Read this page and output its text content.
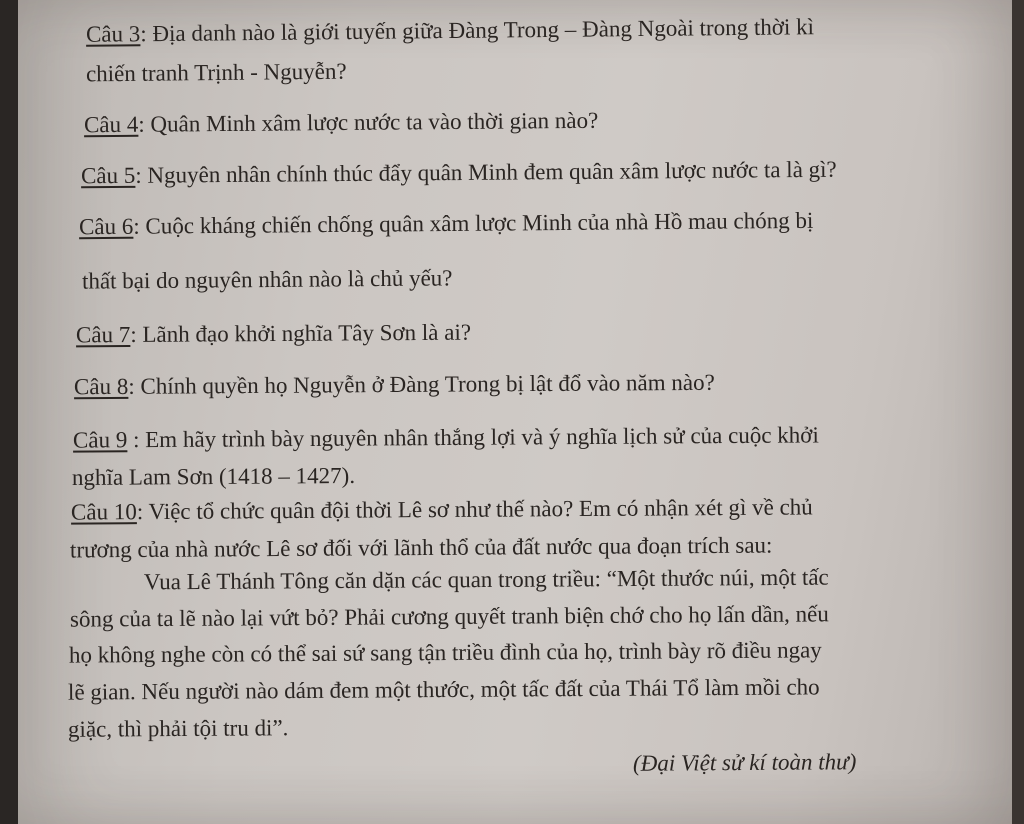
Câu 3: Địa danh nào là giới tuyến giữa Đàng Trong – Đàng Ngoài trong thời kì
chiến tranh Trịnh - Nguyễn?
Câu 4: Quân Minh xâm lược nước ta vào thời gian nào?
Câu 5: Nguyên nhân chính thúc đẩy quân Minh đem quân xâm lược nước ta là gì?
Câu 6: Cuộc kháng chiến chống quân xâm lược Minh của nhà Hồ mau chóng bị
thất bại do nguyên nhân nào là chủ yếu?
Câu 7: Lãnh đạo khởi nghĩa Tây Sơn là ai?
Câu 8: Chính quyền họ Nguyễn ở Đàng Trong bị lật đổ vào năm nào?
Câu 9 : Em hãy trình bày nguyên nhân thắng lợi và ý nghĩa lịch sử của cuộc khởi
nghĩa Lam Sơn (1418 – 1427).
Câu 10: Việc tổ chức quân đội thời Lê sơ như thế nào? Em có nhận xét gì về chủ
trương của nhà nước Lê sơ đối với lãnh thổ của đất nước qua đoạn trích sau:
Vua Lê Thánh Tông căn dặn các quan trong triều: “Một thước núi, một tấc
sông của ta lẽ nào lại vứt bỏ? Phải cương quyết tranh biện chớ cho họ lấn dần, nếu
họ không nghe còn có thể sai sứ sang tận triều đình của họ, trình bày rõ điều ngay
lẽ gian. Nếu người nào dám đem một thước, một tấc đất của Thái Tổ làm mồi cho
giặc, thì phải tội tru di”.
(Đại Việt sử kí toàn thư)
